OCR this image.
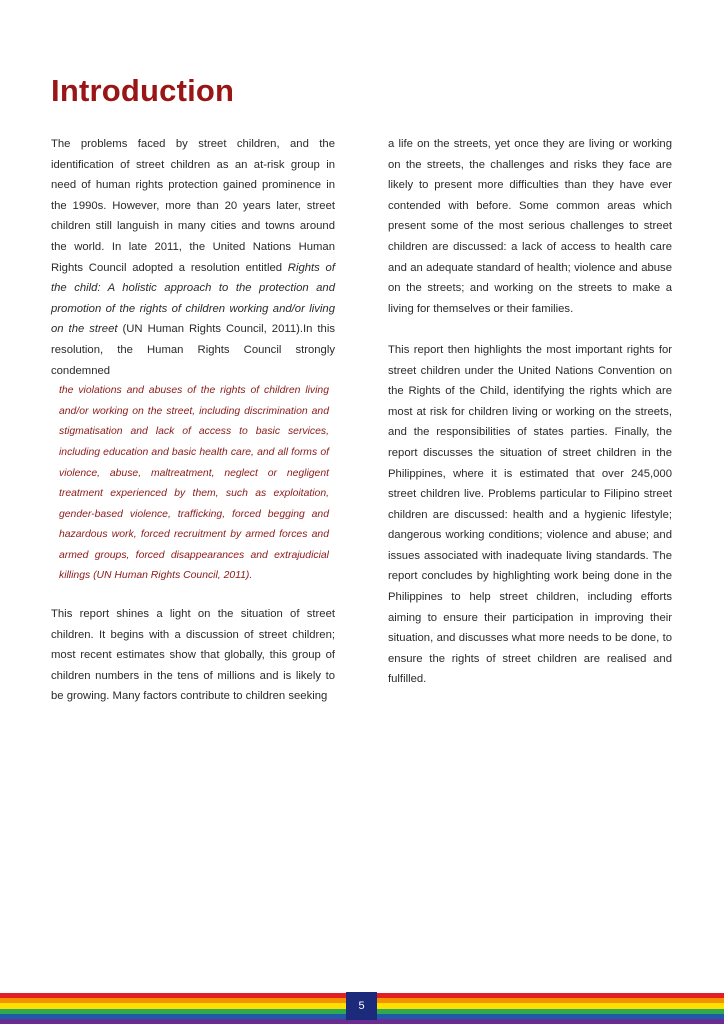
Introduction

The problems faced by street children, and the identification of street children as an at-risk group in need of human rights protection gained prominence in the 1990s. However, more than 20 years later, street children still languish in many cities and towns around the world. In late 2011, the United Nations Human Rights Council adopted a resolution entitled Rights of the child: A holistic approach to the protection and promotion of the rights of children working and/or living on the street (UN Human Rights Council, 2011).In this resolution, the Human Rights Council strongly condemned

the violations and abuses of the rights of children living and/or working on the street, including discrimination and stigmatisation and lack of access to basic services, including education and basic health care, and all forms of violence, abuse, maltreatment, neglect or negligent treatment experienced by them, such as exploitation, gender-based violence, trafficking, forced begging and hazardous work, forced recruitment by armed forces and armed groups, forced disappearances and extrajudicial killings (UN Human Rights Council, 2011).

This report shines a light on the situation of street children. It begins with a discussion of street children; most recent estimates show that globally, this group of children numbers in the tens of millions and is likely to be growing. Many factors contribute to children seeking

a life on the streets, yet once they are living or working on the streets, the challenges and risks they face are likely to present more difficulties than they have ever contended with before. Some common areas which present some of the most serious challenges to street children are discussed: a lack of access to health care and an adequate standard of health; violence and abuse on the streets; and working on the streets to make a living for themselves or their families.

This report then highlights the most important rights for street children under the United Nations Convention on the Rights of the Child, identifying the rights which are most at risk for children living or working on the streets, and the responsibilities of states parties. Finally, the report discusses the situation of street children in the Philippines, where it is estimated that over 245,000 street children live. Problems particular to Filipino street children are discussed: health and a hygienic lifestyle; dangerous working conditions; violence and abuse; and issues associated with inadequate living standards. The report concludes by highlighting work being done in the Philippines to help street children, including efforts aiming to ensure their participation in improving their situation, and discusses what more needs to be done, to ensure the rights of street children are realised and fulfilled.

5
